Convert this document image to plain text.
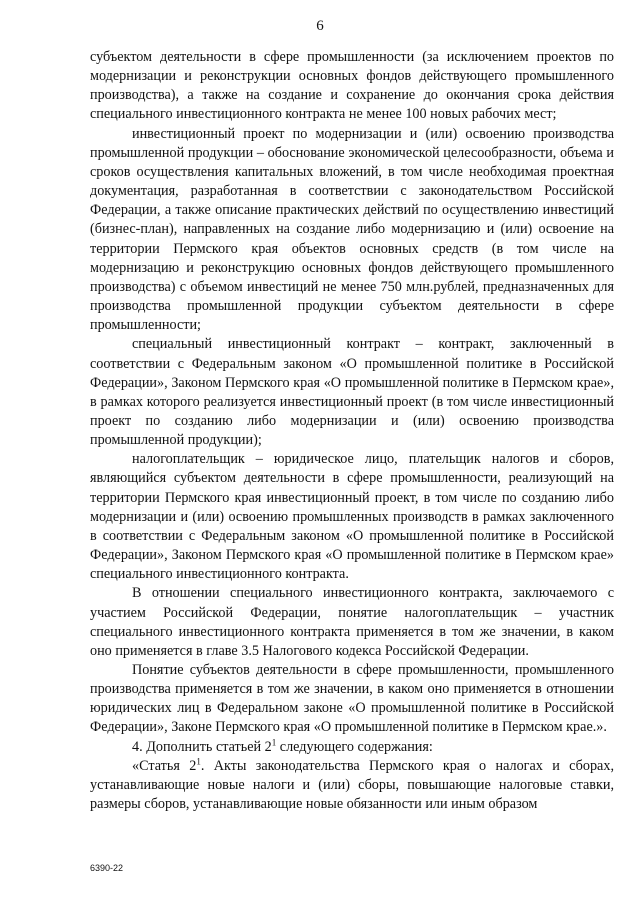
6

субъектом деятельности в сфере промышленности (за исключением проектов по модернизации и реконструкции основных фондов действующего промышленного производства), а также на создание и сохранение до окончания срока действия специального инвестиционного контракта не менее 100 новых рабочих мест;

инвестиционный проект по модернизации и (или) освоению производства промышленной продукции – обоснование экономической целесообразности, объема и сроков осуществления капитальных вложений, в том числе необходимая проектная документация, разработанная в соответствии с законодательством Российской Федерации, а также описание практических действий по осуществлению инвестиций (бизнес-план), направленных на создание либо модернизацию и (или) освоение на территории Пермского края объектов основных средств (в том числе на модернизацию и реконструкцию основных фондов действующего промышленного производства) с объемом инвестиций не менее 750 млн.рублей, предназначенных для производства промышленной продукции субъектом деятельности в сфере промышленности;

специальный инвестиционный контракт – контракт, заключенный в соответствии с Федеральным законом «О промышленной политике в Российской Федерации», Законом Пермского края «О промышленной политике в Пермском крае», в рамках которого реализуется инвестиционный проект (в том числе инвестиционный проект по созданию либо модернизации и (или) освоению производства промышленной продукции);

налогоплательщик – юридическое лицо, плательщик налогов и сборов, являющийся субъектом деятельности в сфере промышленности, реализующий на территории Пермского края инвестиционный проект, в том числе по созданию либо модернизации и (или) освоению промышленных производств в рамках заключенного в соответствии с Федеральным законом «О промышленной политике в Российской Федерации», Законом Пермского края «О промышленной политике в Пермском крае» специального инвестиционного контракта.

В отношении специального инвестиционного контракта, заключаемого с участием Российской Федерации, понятие налогоплательщик – участник специального инвестиционного контракта применяется в том же значении, в каком оно применяется в главе 3.5 Налогового кодекса Российской Федерации.

Понятие субъектов деятельности в сфере промышленности, промышленного производства применяется в том же значении, в каком оно применяется в отношении юридических лиц в Федеральном законе «О промышленной политике в Российской Федерации», Законе Пермского края «О промышленной политике в Пермском крае.».

4. Дополнить статьей $2^1$ следующего содержания:

«Статья $2^1$. Акты законодательства Пермского края о налогах и сборах, устанавливающие новые налоги и (или) сборы, повышающие налоговые ставки, размеры сборов, устанавливающие новые обязанности или иным образом

6390-22
